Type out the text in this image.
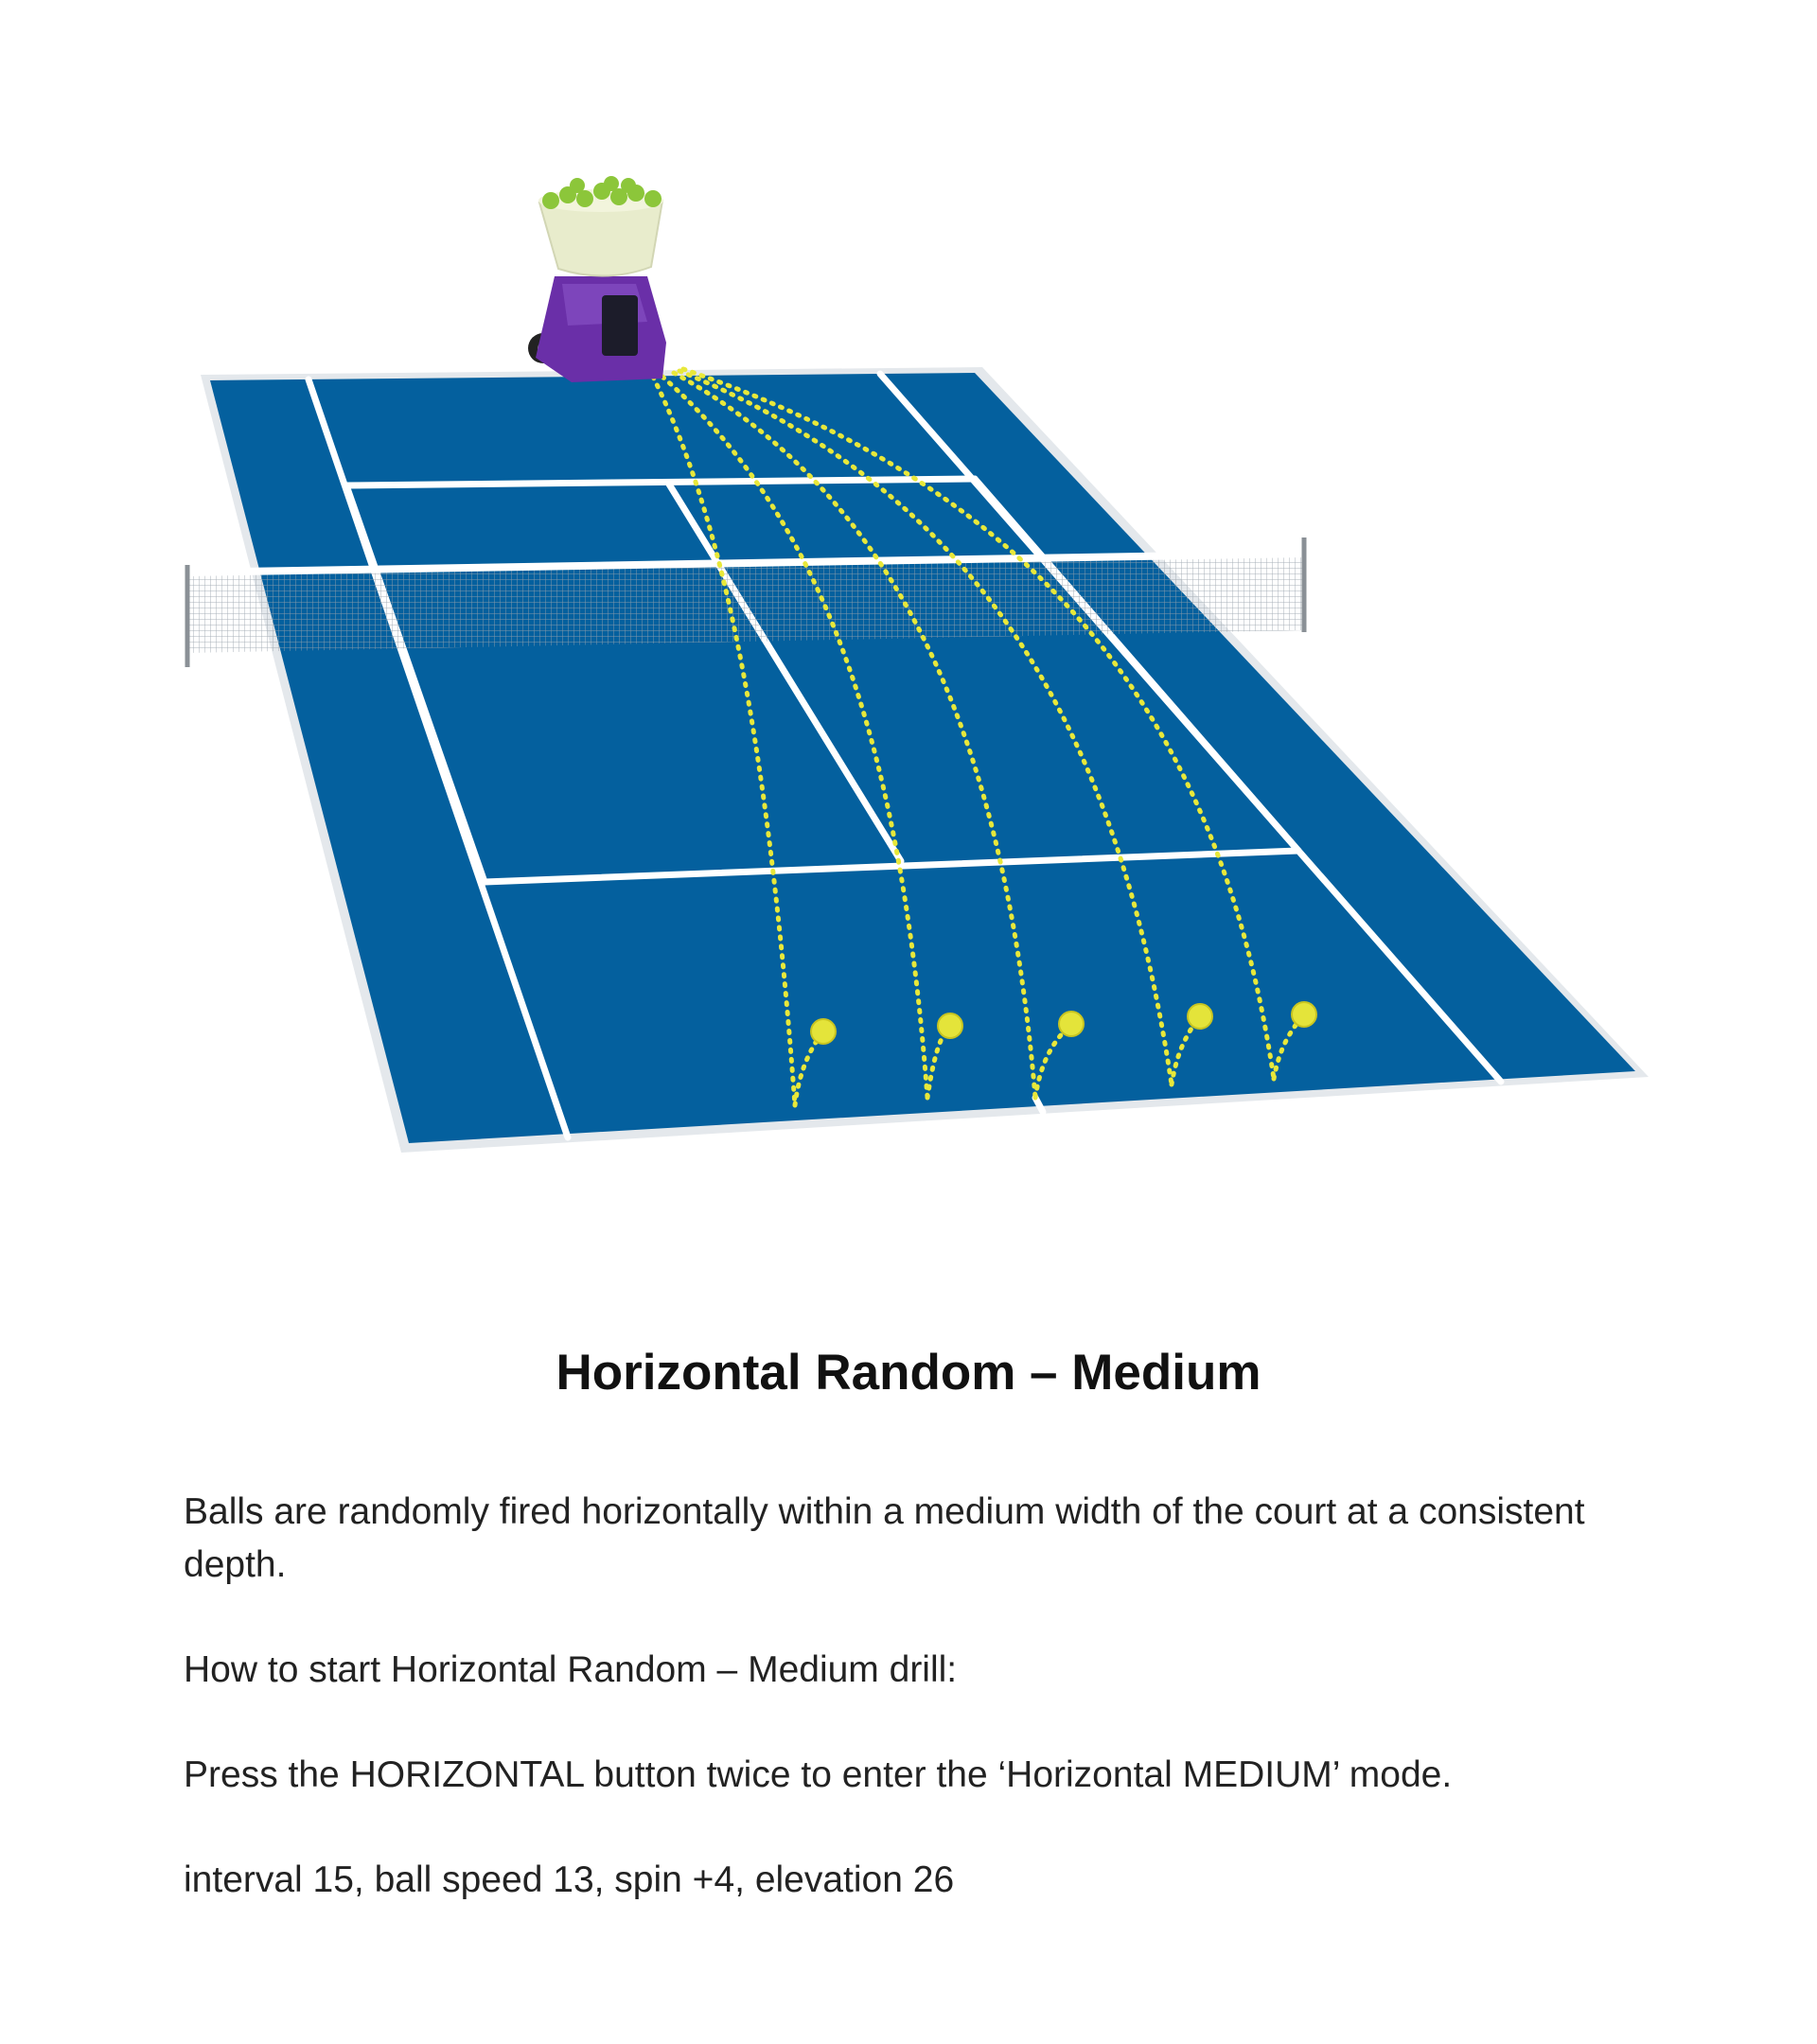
Horizontal Random – Medium

Balls are randomly fired horizontally within a medium width of the court at a consistent depth.

How to start Horizontal Random – Medium drill:

Press the HORIZONTAL button twice to enter the ‘Horizontal MEDIUM’ mode.

interval 15, ball speed 13, spin +4, elevation 26
